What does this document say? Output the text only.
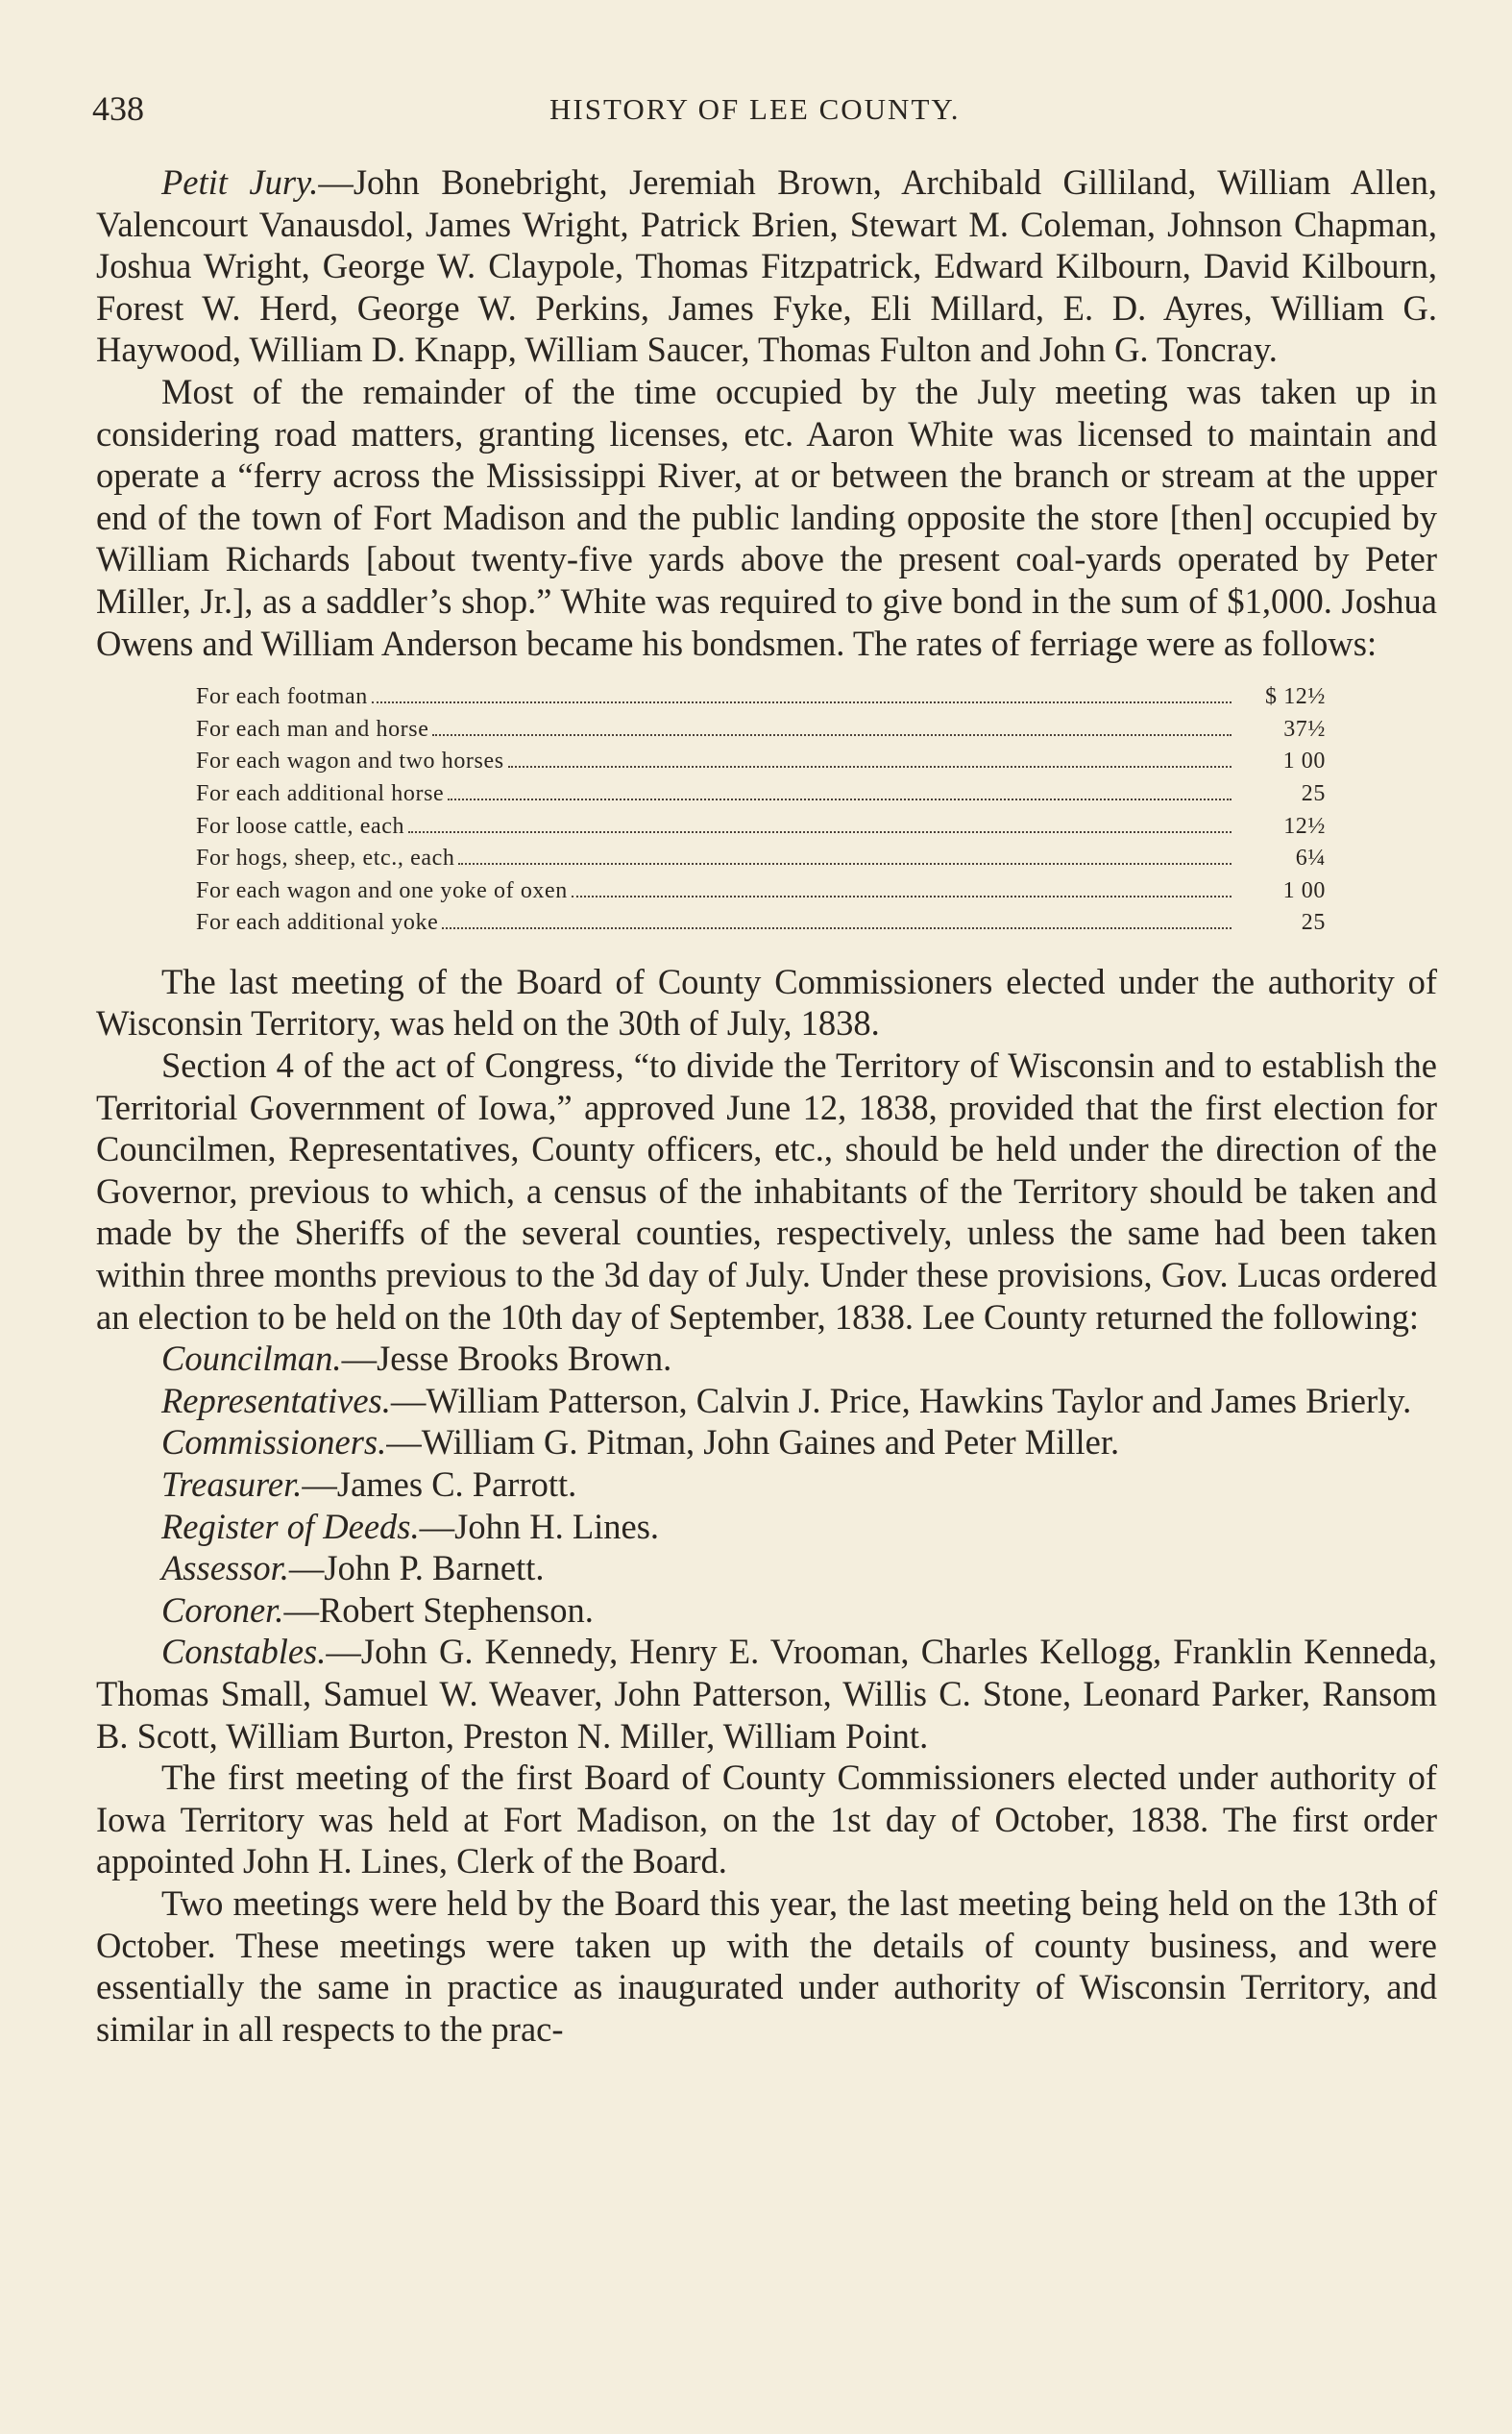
438	HISTORY OF LEE COUNTY.

Petit Jury.—John Bonebright, Jeremiah Brown, Archibald Gilliland, William Allen, Valencourt Vanausdol, James Wright, Patrick Brien, Stewart M. Coleman, Johnson Chapman, Joshua Wright, George W. Claypole, Thomas Fitzpatrick, Edward Kilbourn, David Kilbourn, Forest W. Herd, George W. Perkins, James Fyke, Eli Millard, E. D. Ayres, William G. Haywood, William D. Knapp, William Saucer, Thomas Fulton and John G. Toncray.

Most of the remainder of the time occupied by the July meeting was taken up in considering road matters, granting licenses, etc. Aaron White was licensed to maintain and operate a “ferry across the Mississippi River, at or between the branch or stream at the upper end of the town of Fort Madison and the public landing opposite the store [then] occupied by William Richards [about twenty-five yards above the present coal-yards operated by Peter Miller, Jr.], as a saddler’s shop.” White was required to give bond in the sum of $1,000. Joshua Owens and William Anderson became his bondsmen. The rates of ferriage were as follows:

For each footman	$ 12½
For each man and horse	37½
For each wagon and two horses	1 00
For each additional horse	25
For loose cattle, each	12½
For hogs, sheep, etc., each	6¼
For each wagon and one yoke of oxen	1 00
For each additional yoke	25

The last meeting of the Board of County Commissioners elected under the authority of Wisconsin Territory, was held on the 30th of July, 1838.

Section 4 of the act of Congress, “to divide the Territory of Wisconsin and to establish the Territorial Government of Iowa,” approved June 12, 1838, provided that the first election for Councilmen, Representatives, County officers, etc., should be held under the direction of the Governor, previous to which, a census of the inhabitants of the Territory should be taken and made by the Sheriffs of the several counties, respectively, unless the same had been taken within three months previous to the 3d day of July. Under these provisions, Gov. Lucas ordered an election to be held on the 10th day of September, 1838. Lee County returned the following:

Councilman.—Jesse Brooks Brown.

Representatives.—William Patterson, Calvin J. Price, Hawkins Taylor and James Brierly.

Commissioners.—William G. Pitman, John Gaines and Peter Miller.

Treasurer.—James C. Parrott.

Register of Deeds.—John H. Lines.

Assessor.—John P. Barnett.

Coroner.—Robert Stephenson.

Constables.—John G. Kennedy, Henry E. Vrooman, Charles Kellogg, Franklin Kenneda, Thomas Small, Samuel W. Weaver, John Patterson, Willis C. Stone, Leonard Parker, Ransom B. Scott, William Burton, Preston N. Miller, William Point.

The first meeting of the first Board of County Commissioners elected under authority of Iowa Territory was held at Fort Madison, on the 1st day of October, 1838. The first order appointed John H. Lines, Clerk of the Board.

Two meetings were held by the Board this year, the last meeting being held on the 13th of October. These meetings were taken up with the details of county business, and were essentially the same in practice as inaugurated under authority of Wisconsin Territory, and similar in all respects to the prac-
